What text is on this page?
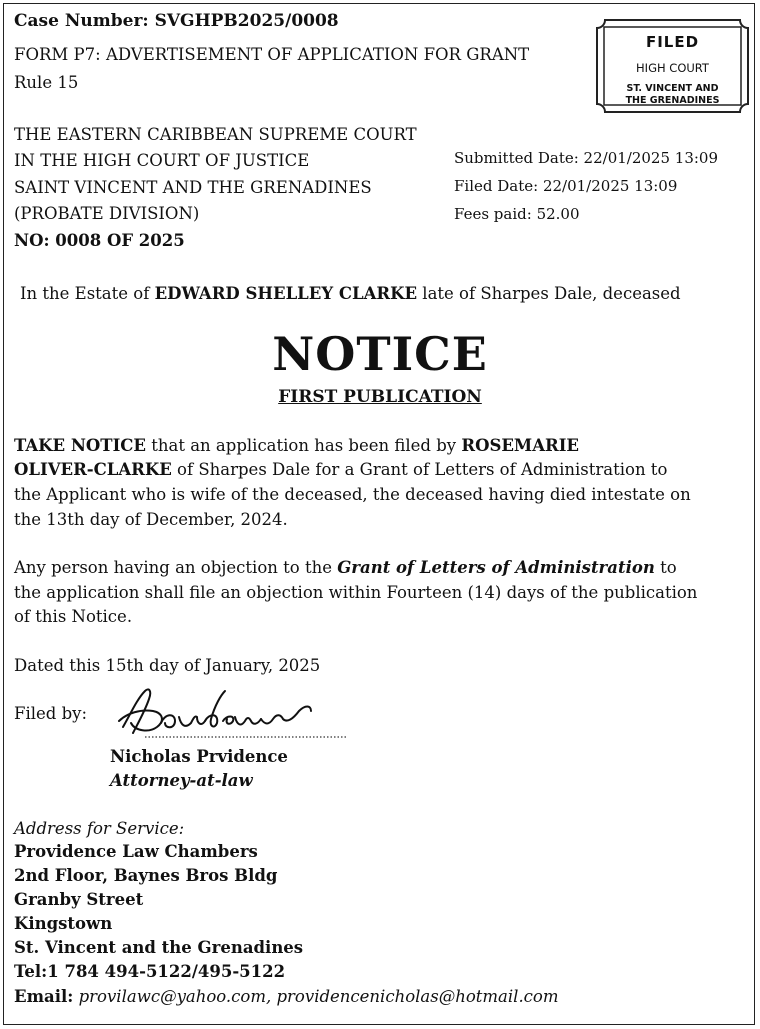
Case Number: SVGHPB2025/0008
FORM P7: ADVERTISEMENT OF APPLICATION FOR GRANT
Rule 15
FILED
HIGH COURT
ST. VINCENT AND
THE GRENADINES
THE EASTERN CARIBBEAN SUPREME COURT
IN THE HIGH COURT OF JUSTICE
SAINT VINCENT AND THE GRENADINES
(PROBATE DIVISION)
NO: 0008 OF 2025
Submitted Date: 22/01/2025 13:09
Filed Date: 22/01/2025 13:09
Fees paid: 52.00
In the Estate of EDWARD SHELLEY CLARKE late of Sharpes Dale, deceased
NOTICE
FIRST PUBLICATION
TAKE NOTICE that an application has been filed by ROSEMARIE
OLIVER-CLARKE of Sharpes Dale for a Grant of Letters of Administration to
the Applicant who is wife of the deceased, the deceased having died intestate on
the 13th day of December, 2024.
Any person having an objection to the Grant of Letters of Administration to
the application shall file an objection within Fourteen (14) days of the publication
of this Notice.
Dated this 15th day of January, 2025
Filed by:
Nicholas Prvidence
Attorney-at-law
Address for Service:
Providence Law Chambers
2nd Floor, Baynes Bros Bldg
Granby Street
Kingstown
St. Vincent and the Grenadines
Tel:1 784 494-5122/495-5122
Email: provilawc@yahoo.com, providencenicholas@hotmail.com
